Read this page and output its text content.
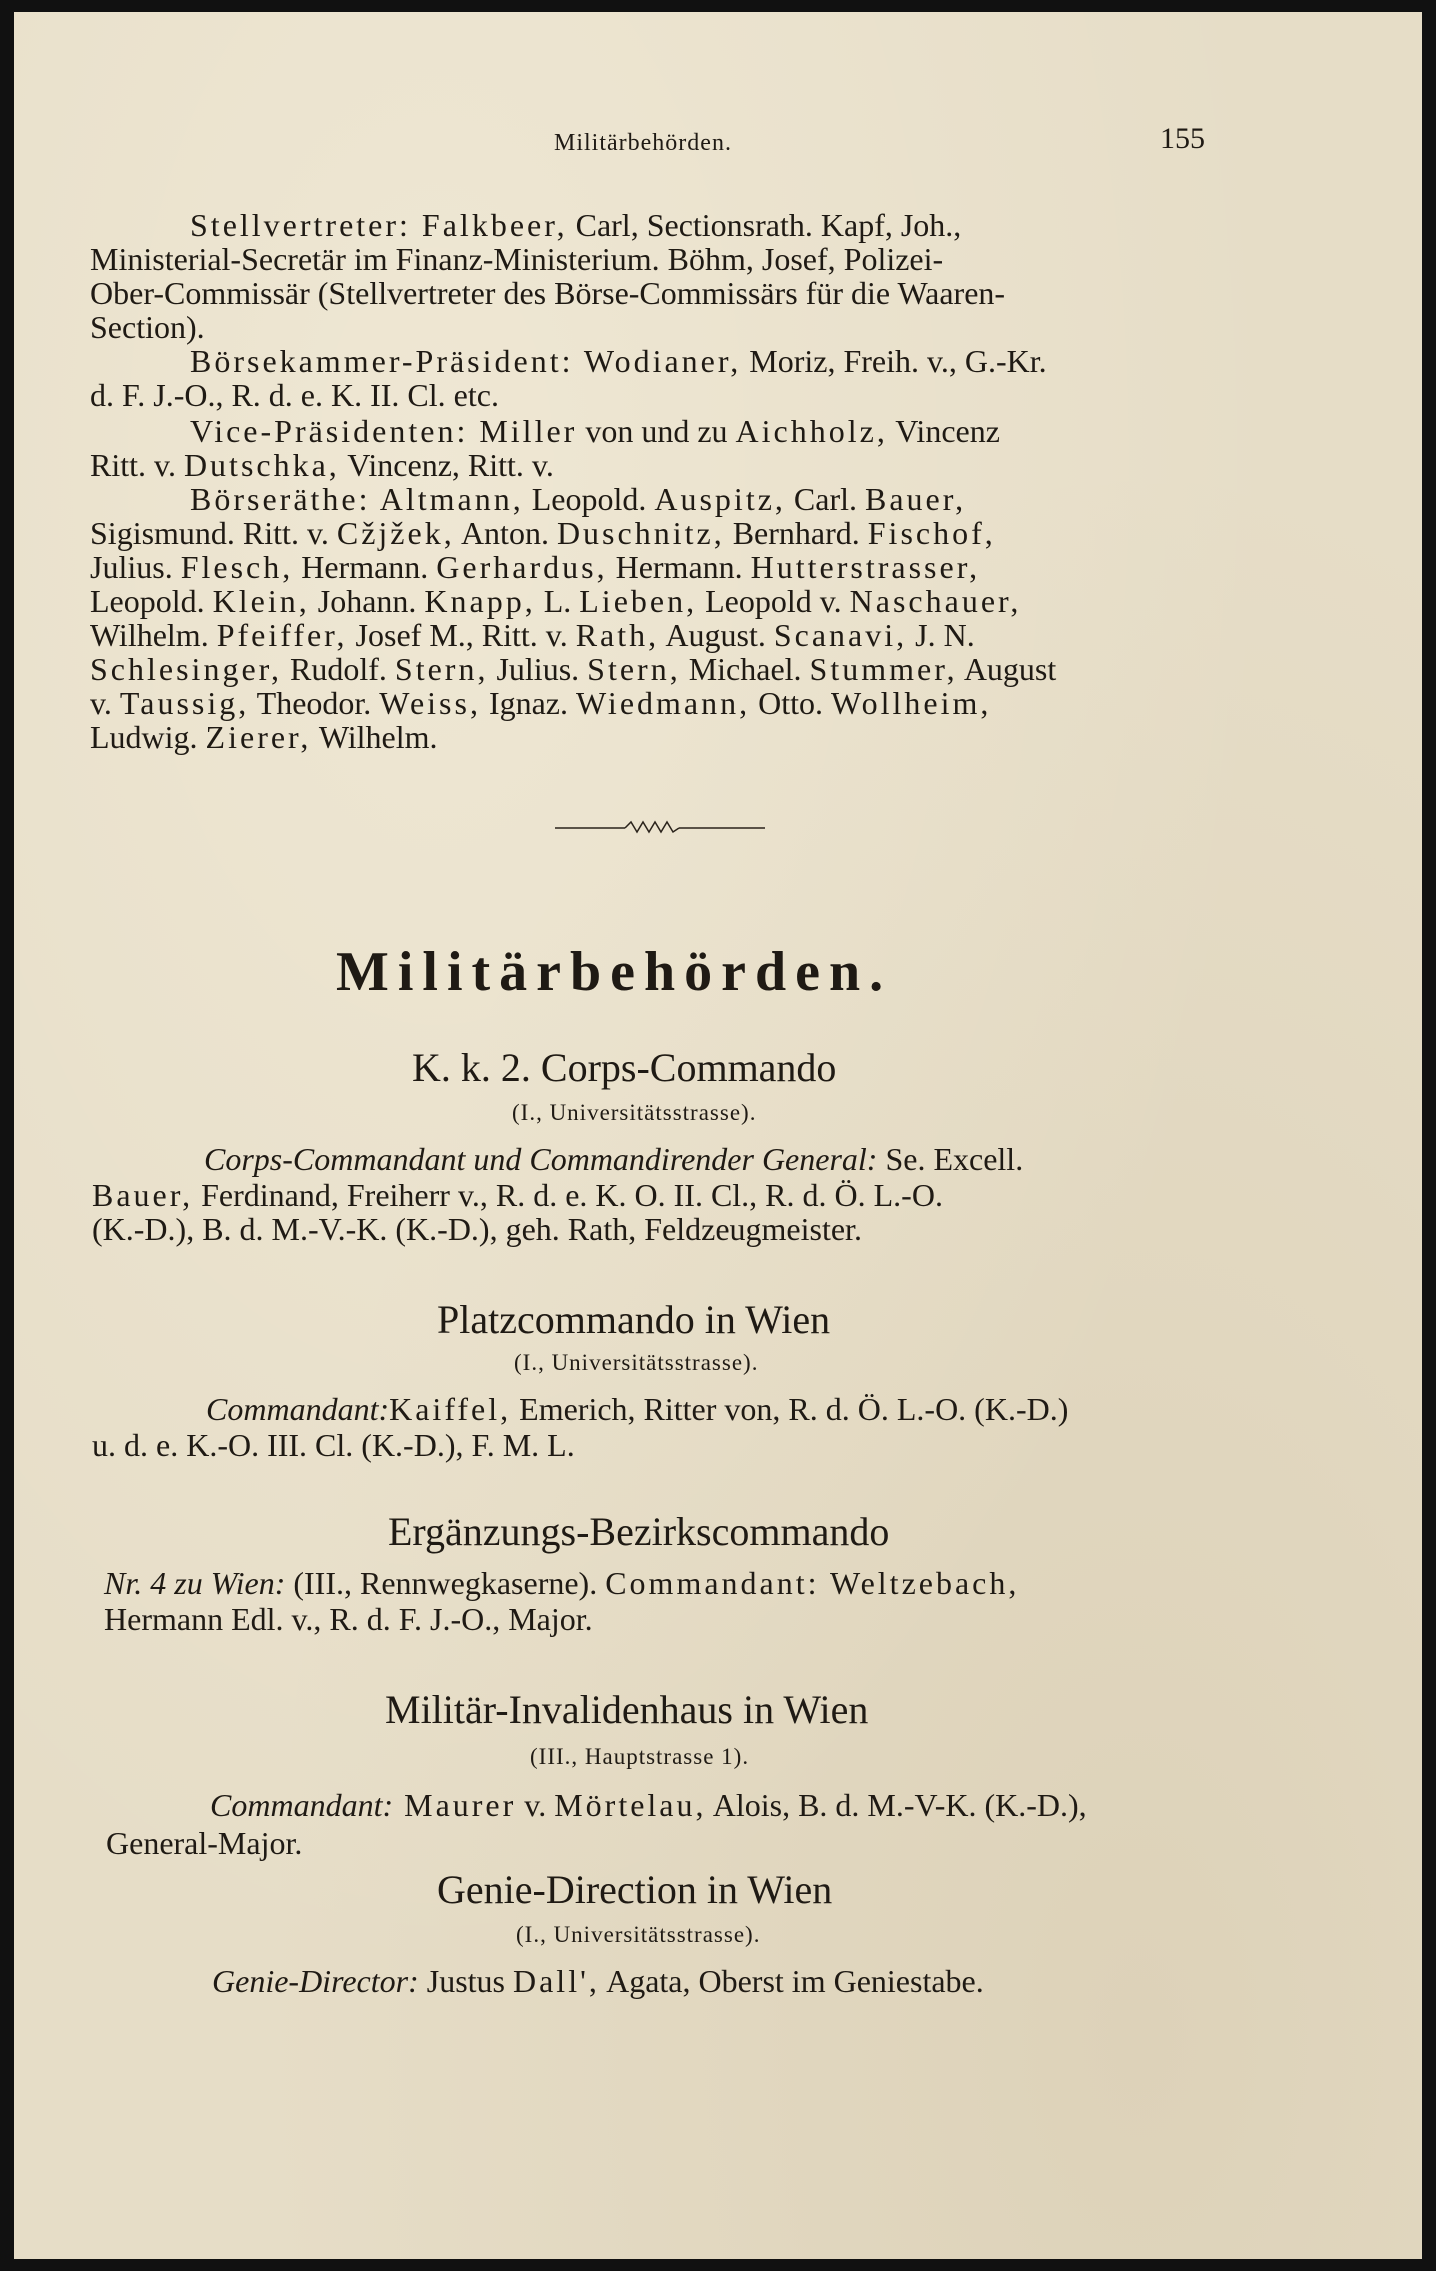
Militärbehörden.	155
Stellvertreter: Falkbeer, Carl, Sectionsrath. Kapf, Joh.,
Ministerial-Secretär im Finanz-Ministerium. Böhm, Josef, Polizei-
Ober-Commissär (Stellvertreter des Börse-Commissärs für die Waaren-
Section).
Börsekammer-Präsident: Wodianer, Moriz, Freih. v., G.-Kr.
d. F. J.-O., R. d. e. K. II. Cl. etc.
Vice-Präsidenten: Miller von und zu Aichholz, Vincenz
Ritt. v. Dutschka, Vincenz, Ritt. v.
Börseräthe: Altmann, Leopold. Auspitz, Carl. Bauer,
Sigismund. Ritt. v. Cžjžek, Anton. Duschnitz, Bernhard. Fischof,
Julius. Flesch, Hermann. Gerhardus, Hermann. Hutterstrasser,
Leopold. Klein, Johann. Knapp, L. Lieben, Leopold v. Naschauer,
Wilhelm. Pfeiffer, Josef M., Ritt. v. Rath, August. Scanavi, J. N.
Schlesinger, Rudolf. Stern, Julius. Stern, Michael. Stummer, August
v. Taussig, Theodor. Weiss, Ignaz. Wiedmann, Otto. Wollheim,
Ludwig. Zierer, Wilhelm.
Militärbehörden.
K. k. 2. Corps-Commando
(I., Universitätsstrasse).
Corps-Commandant und Commandirender General: Se. Excell.
Bauer, Ferdinand, Freiherr v., R. d. e. K. O. II. Cl., R. d. Ö. L.-O.
(K.-D.), B. d. M.-V.-K. (K.-D.), geh. Rath, Feldzeugmeister.
Platzcommando in Wien
(I., Universitätsstrasse).
Commandant:Kaiffel, Emerich, Ritter von, R. d. Ö. L.-O. (K.-D.)
u. d. e. K.-O. III. Cl. (K.-D.), F. M. L.
Ergänzungs-Bezirkscommando
Nr. 4 zu Wien: (III., Rennwegkaserne). Commandant: Weltzebach,
Hermann Edl. v., R. d. F. J.-O., Major.
Militär-Invalidenhaus in Wien
(III., Hauptstrasse 1).
Commandant: Maurer v. Mörtelau, Alois, B. d. M.-V-K. (K.-D.),
General-Major.
Genie-Direction in Wien
(I., Universitätsstrasse).
Genie-Director: Justus Dall', Agata, Oberst im Geniestabe.
